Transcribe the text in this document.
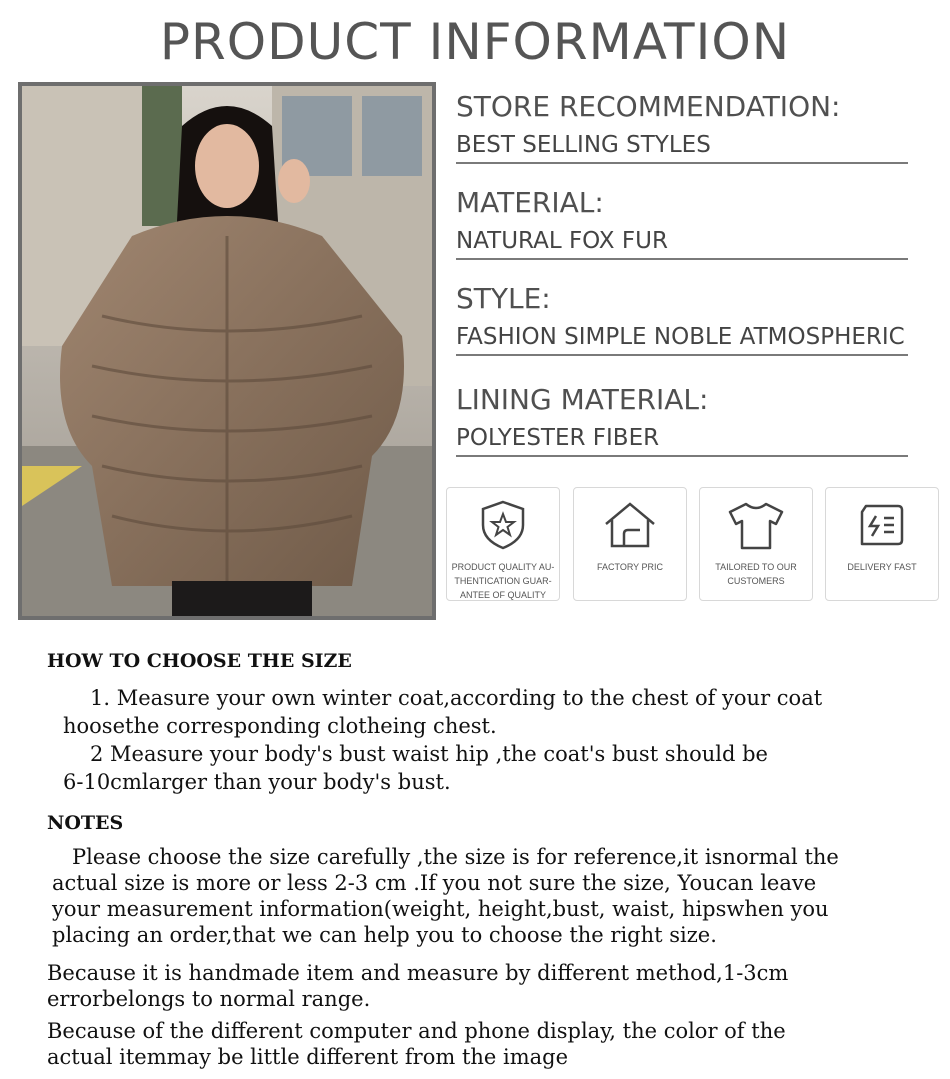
PRODUCT INFORMATION
STORE RECOMMENDATION:
BEST SELLING STYLES
MATERIAL:
NATURAL FOX FUR
STYLE:
FASHION SIMPLE NOBLE ATMOSPHERIC
LINING MATERIAL:
POLYESTER FIBER
PRODUCT QUALITY AU-
THENTICATION GUAR-
ANTEE OF QUALITY
FACTORY PRIC	TAILORED TO OUR
CUSTOMERS
DELIVERY FAST
HOW TO CHOOSE THE SIZE
1. Measure your own winter coat,according to the chest of your coat
hoosethe corresponding clotheing chest.
2 Measure your body's bust waist hip ,the coat's bust should be
6-10cmlarger than your body's bust.
NOTES
Please choose the size carefully ,the size is for reference,it isnormal the
actual size is more or less 2-3 cm .If you not sure the size, Youcan leave
your measurement information(weight, height,bust, waist, hipswhen you
placing an order,that we can help you to choose the right size.
Because it is handmade item and measure by different method,1-3cm
errorbelongs to normal range.
Because of the different computer and phone display, the color of the
actual itemmay be little different from the image
